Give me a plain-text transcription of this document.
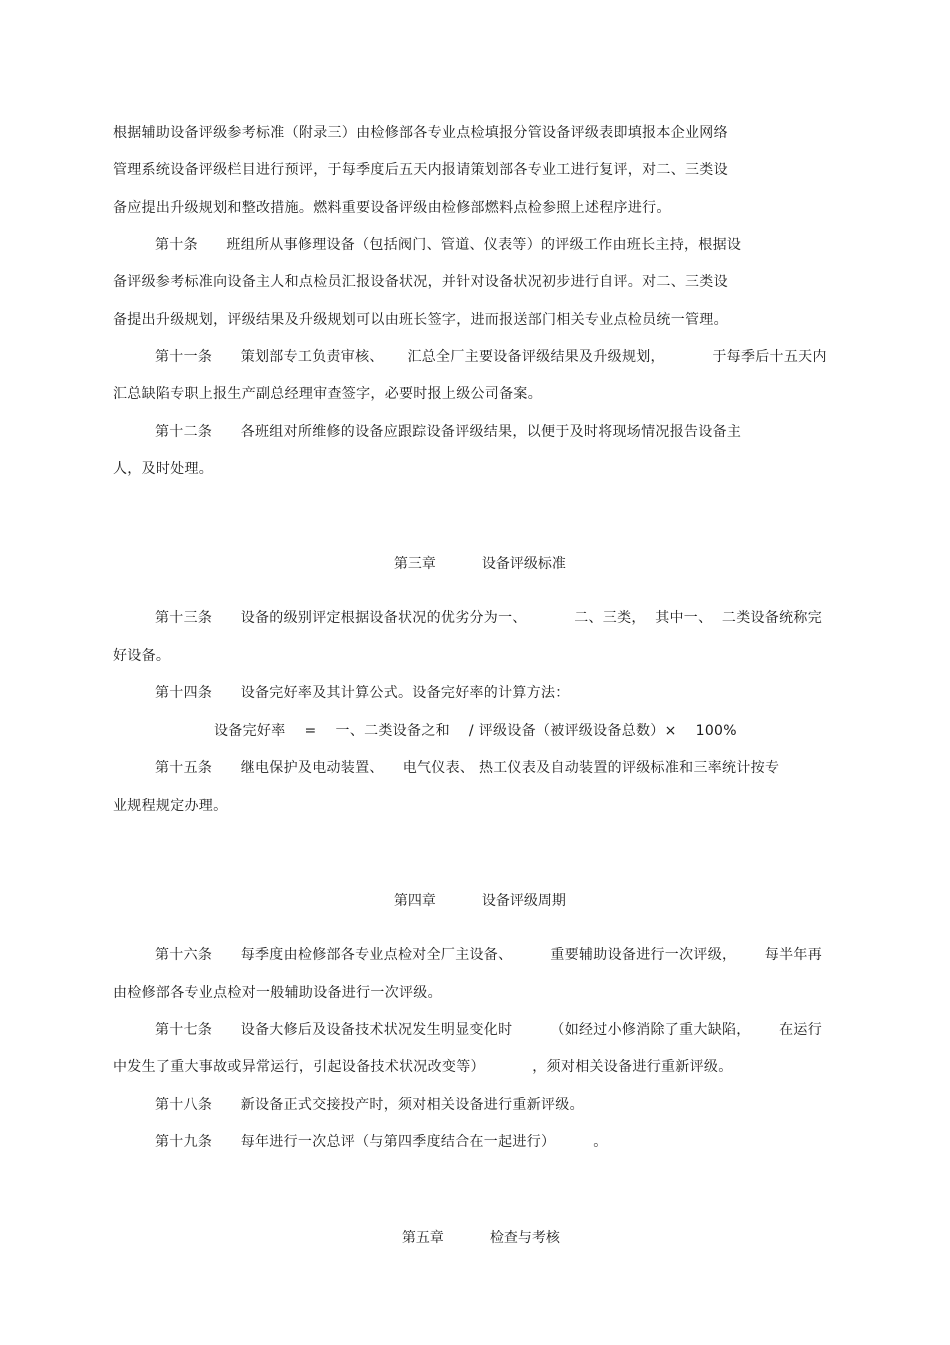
根据辅助设备评级参考标准（附录三）由检修部各专业点检填报分管设备评级表即填报本企业网络
管理系统设备评级栏目进行预评，于每季度后五天内报请策划部各专业工进行复评，对二、三类设
备应提出升级规划和整改措施。燃料重要设备评级由检修部燃料点检参照上述程序进行。
第十条      班组所从事修理设备（包括阀门、管道、仪表等）的评级工作由班长主持，根据设
备评级参考标准向设备主人和点检员汇报设备状况，并针对设备状况初步进行自评。对二、三类设
备提出升级规划，评级结果及升级规划可以由班长签字，进而报送部门相关专业点检员统一管理。
第十一条      策划部专工负责审核、     汇总全厂主要设备评级结果及升级规划，          于每季后十五天内
汇总缺陷专职上报生产副总经理审查签字，必要时报上级公司备案。
第十二条      各班组对所维修的设备应跟踪设备评级结果，以便于及时将现场情况报告设备主
人，及时处理。

第三章	设备评级标准

第十三条      设备的级别评定根据设备状况的优劣分为一、          二、三类，  其中一、  二类设备统称完
好设备。
第十四条      设备完好率及其计算公式。设备完好率的计算方法：
设备完好率    =    一、二类设备之和    / 评级设备（被评级设备总数）×    100%
第十五条      继电保护及电动装置、    电气仪表、 热工仪表及自动装置的评级标准和三率统计按专
业规程规定办理。

第四章	设备评级周期

第十六条      每季度由检修部各专业点检对全厂主设备、        重要辅助设备进行一次评级，      每半年再
由检修部各专业点检对一般辅助设备进行一次评级。
第十七条      设备大修后及设备技术状况发生明显变化时        （如经过小修消除了重大缺陷，      在运行
中发生了重大事故或异常运行，引起设备技术状况改变等）          ，须对相关设备进行重新评级。
第十八条      新设备正式交接投产时，须对相关设备进行重新评级。
第十九条      每年进行一次总评（与第四季度结合在一起进行）        。

第五章	检查与考核
